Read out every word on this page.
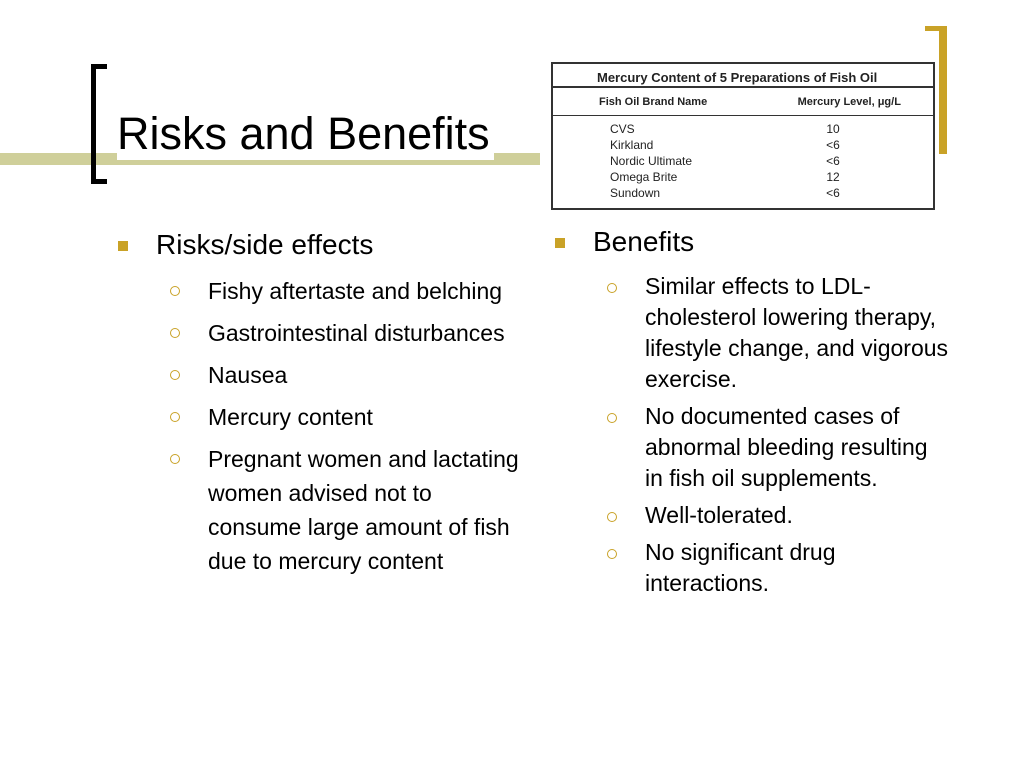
Risks and Benefits
Mercury Content of 5 Preparations of Fish Oil
Fish Oil Brand Name	Mercury Level, μg/L
CVS	10
Kirkland	<6
Nordic Ultimate	<6
Omega Brite	12
Sundown	<6
Risks/side effects
Fishy aftertaste and belching
Gastrointestinal disturbances
Nausea
Mercury content
Pregnant women and lactating women advised not to consume large amount of fish due to mercury content
Benefits
Similar effects to LDL-cholesterol lowering therapy, lifestyle change, and vigorous exercise.
No documented cases of abnormal bleeding resulting in fish oil supplements.
Well-tolerated.
No significant drug interactions.
